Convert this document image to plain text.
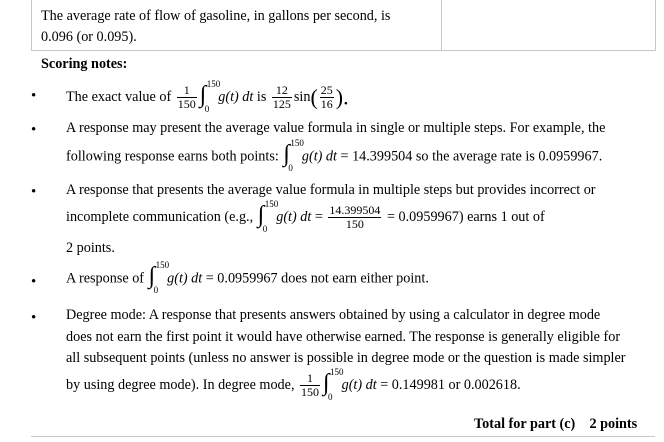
The average rate of flow of gasoline, in gallons per second, is
0.096 (or 0.095).
Scoring notes:
• The exact value of $\frac{1}{150}$ ∫ 150
0
g(t) dt is $\frac{12}{125} \sin( \frac{25}{16}$ ).
• A response may present the average value formula in single or multiple steps. For example, the
following response earns both points: ∫ 150
0
g(t) dt = 14.399504 so the average rate is 0.0959967.
• A response that presents the average value formula in multiple steps but provides incorrect or
incomplete communication (e.g., ∫ 150
0
g(t) dt = $\frac{14.399504}{150} = 0.0959967$) earns 1 out of
2 points.
• A response of ∫ 150
0
g(t) dt = 0.0959967 does not earn either point.
• Degree mode: A response that presents answers obtained by using a calculator in degree mode
does not earn the first point it would have otherwise earned. The response is generally eligible for
all subsequent points (unless no answer is possible in degree mode or the question is made simpler
by using degree mode). In degree mode, $\frac{1}{150}$ ∫ 150
0
g(t) dt = 0.149981 or 0.002618.
Total for part (c)    2 points
